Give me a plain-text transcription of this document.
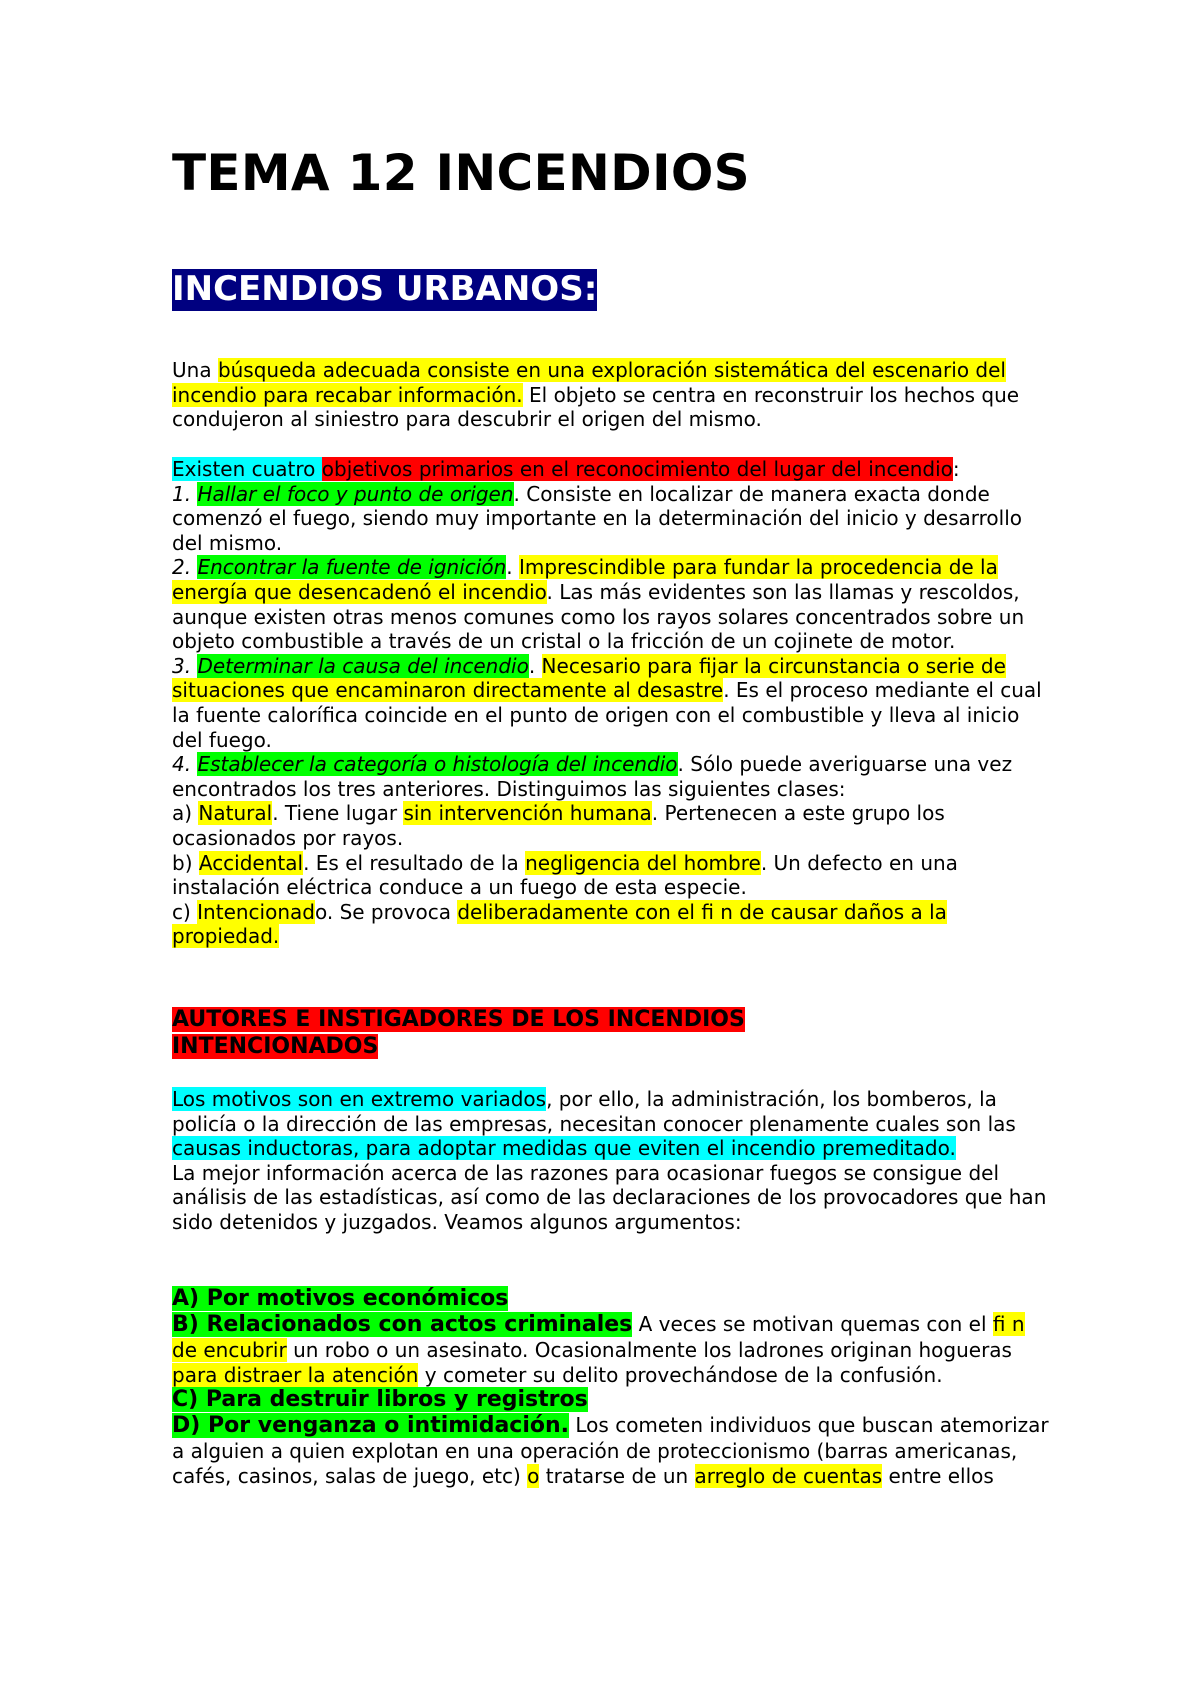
TEMA 12 INCENDIOS
INCENDIOS URBANOS:

Una búsqueda adecuada consiste en una exploración sistemática del escenario del incendio para recabar información. El objeto se centra en reconstruir los hechos que condujeron al siniestro para descubrir el origen del mismo.

Existen cuatro objetivos primarios en el reconocimiento del lugar del incendio:
1. Hallar el foco y punto de origen. Consiste en localizar de manera exacta donde comenzó el fuego, siendo muy importante en la determinación del inicio y desarrollo del mismo.
2. Encontrar la fuente de ignición. Imprescindible para fundar la procedencia de la energía que desencadenó el incendio. Las más evidentes son las llamas y rescoldos, aunque existen otras menos comunes como los rayos solares concentrados sobre un objeto combustible a través de un cristal o la fricción de un cojinete de motor.
3. Determinar la causa del incendio. Necesario para fijar la circunstancia o serie de situaciones que encaminaron directamente al desastre. Es el proceso mediante el cual la fuente calorífica coincide en el punto de origen con el combustible y lleva al inicio del fuego.
4. Establecer la categoría o histología del incendio. Sólo puede averiguarse una vez encontrados los tres anteriores. Distinguimos las siguientes clases:
a) Natural. Tiene lugar sin intervención humana. Pertenecen a este grupo los ocasionados por rayos.
b) Accidental. Es el resultado de la negligencia del hombre. Un defecto en una instalación eléctrica conduce a un fuego de esta especie.
c) Intencionado. Se provoca deliberadamente con el fi n de causar daños a la propiedad.

AUTORES E INSTIGADORES DE LOS INCENDIOS INTENCIONADOS

Los motivos son en extremo variados, por ello, la administración, los bomberos, la policía o la dirección de las empresas, necesitan conocer plenamente cuales son las causas inductoras, para adoptar medidas que eviten el incendio premeditado.
La mejor información acerca de las razones para ocasionar fuegos se consigue del análisis de las estadísticas, así como de las declaraciones de los provocadores que han sido detenidos y juzgados. Veamos algunos argumentos:

A) Por motivos económicos
B) Relacionados con actos criminales A veces se motivan quemas con el fi n de encubrir un robo o un asesinato. Ocasionalmente los ladrones originan hogueras para distraer la atención y cometer su delito provechándose de la confusión.
C) Para destruir libros y registros
D) Por venganza o intimidación. Los cometen individuos que buscan atemorizar a alguien a quien explotan en una operación de proteccionismo (barras americanas, cafés, casinos, salas de juego, etc) o tratarse de un arreglo de cuentas entre ellos
